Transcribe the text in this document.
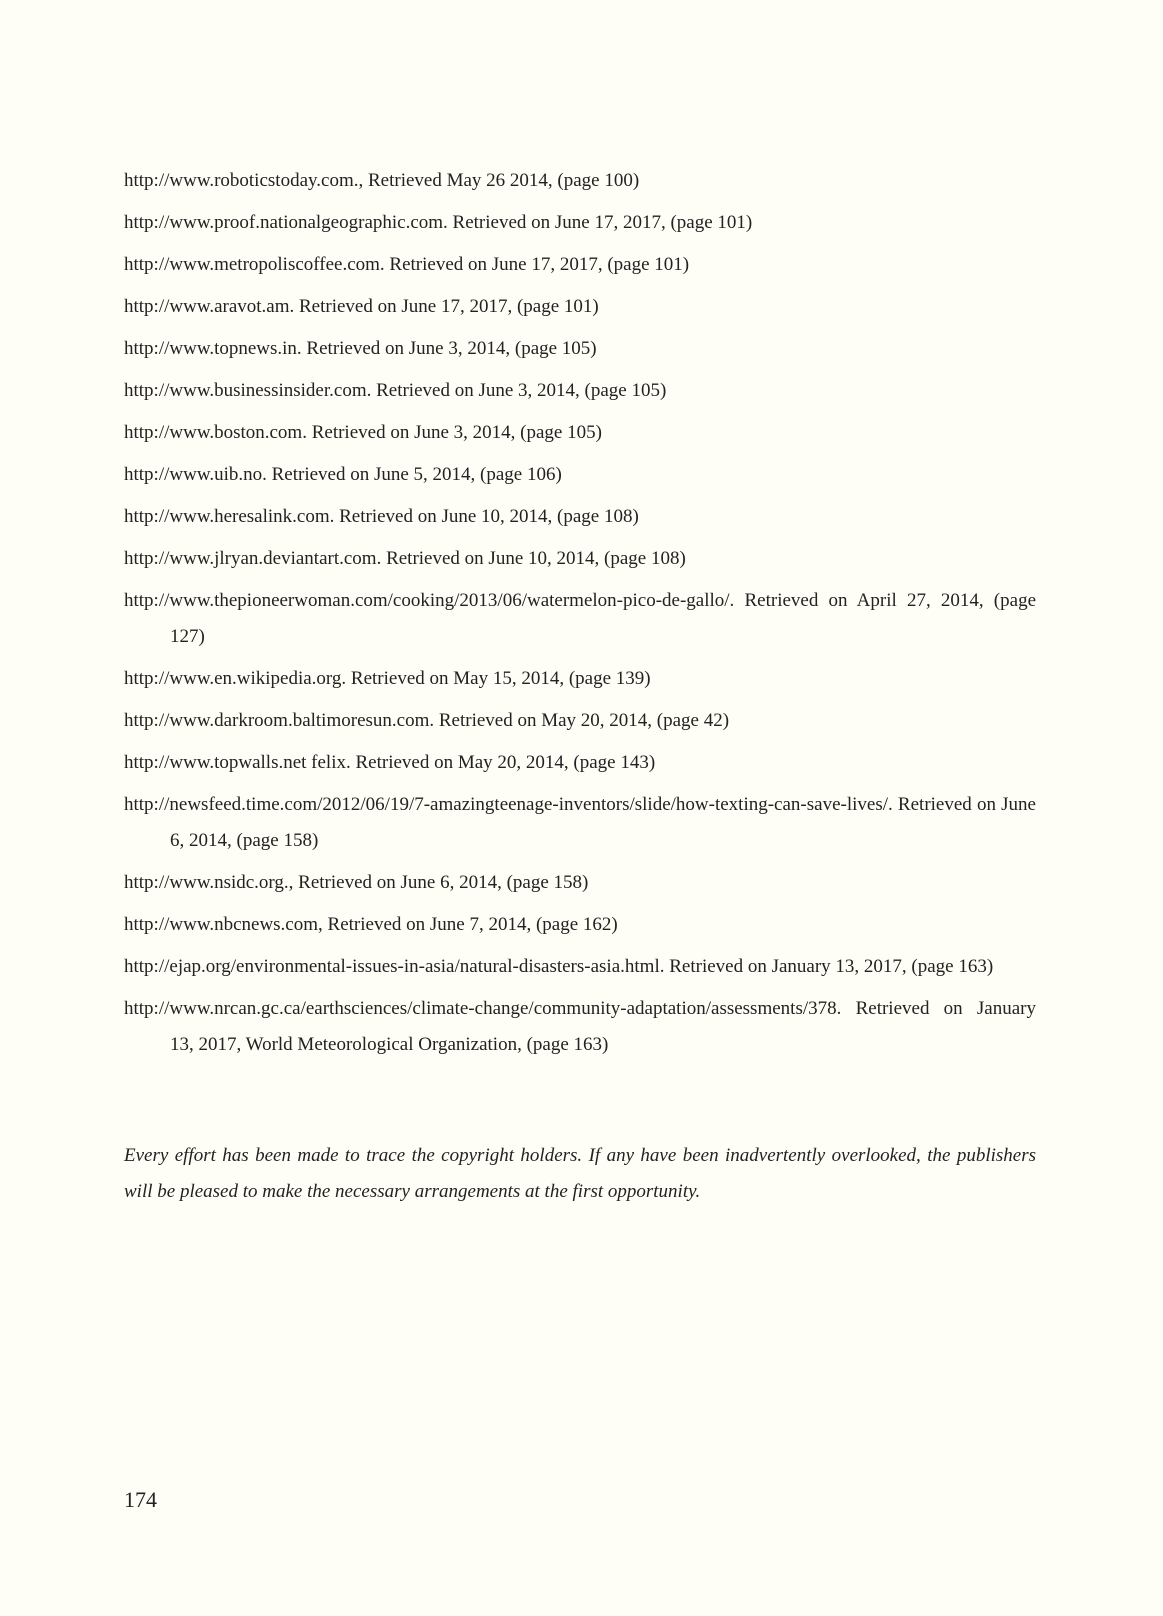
http://www.roboticstoday.com., Retrieved May 26 2014, (page 100)
http://www.proof.nationalgeographic.com. Retrieved on June 17, 2017, (page 101)
http://www.metropoliscoffee.com. Retrieved on June 17, 2017, (page 101)
http://www.aravot.am. Retrieved on June 17, 2017, (page 101)
http://www.topnews.in. Retrieved on June 3, 2014, (page 105)
http://www.businessinsider.com. Retrieved on June 3, 2014, (page 105)
http://www.boston.com. Retrieved on June 3, 2014, (page 105)
http://www.uib.no. Retrieved on June 5, 2014, (page 106)
http://www.heresalink.com. Retrieved on June 10, 2014, (page 108)
http://www.jlryan.deviantart.com. Retrieved on June 10, 2014, (page 108)
http://www.thepioneerwoman.com/cooking/2013/06/watermelon-pico-de-gallo/. Retrieved on April 27, 2014, (page 127)
http://www.en.wikipedia.org. Retrieved on May 15, 2014, (page 139)
http://www.darkroom.baltimoresun.com. Retrieved on May 20, 2014, (page 42)
http://www.topwalls.net felix. Retrieved on May 20, 2014, (page 143)
http://newsfeed.time.com/2012/06/19/7-amazingteenage-inventors/slide/how-texting-can-save-lives/. Retrieved on June 6, 2014, (page 158)
http://www.nsidc.org., Retrieved on June 6, 2014, (page 158)
http://www.nbcnews.com, Retrieved on June 7, 2014, (page 162)
http://ejap.org/environmental-issues-in-asia/natural-disasters-asia.html. Retrieved on January 13, 2017, (page 163)
http://www.nrcan.gc.ca/earthsciences/climate-change/community-adaptation/assessments/378. Retrieved on January 13, 2017, World Meteorological Organization, (page 163)

Every effort has been made to trace the copyright holders. If any have been inadvertently overlooked, the publishers will be pleased to make the necessary arrangements at the first opportunity.

174
